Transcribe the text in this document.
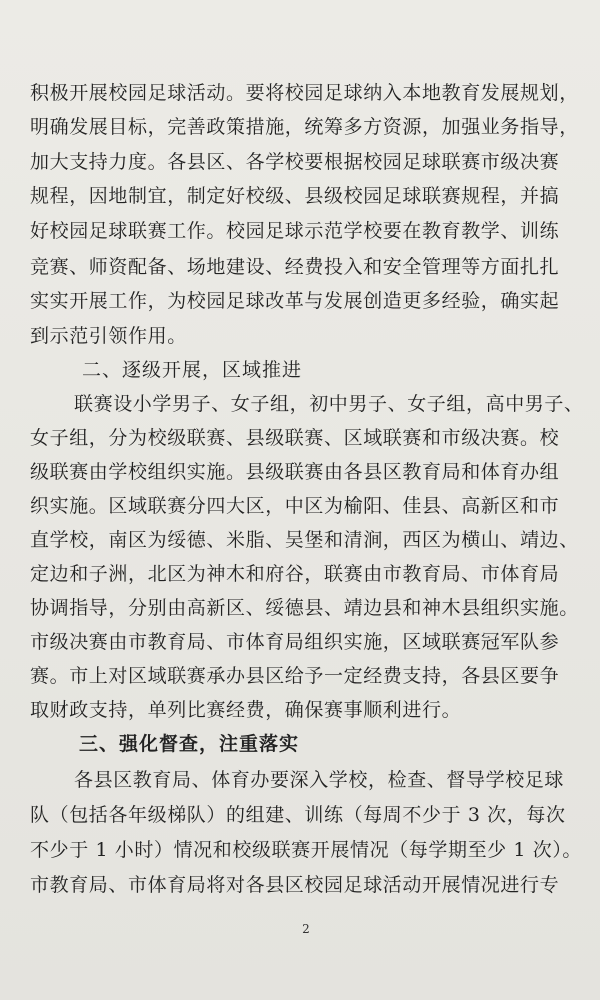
积极开展校园足球活动。要将校园足球纳入本地教育发展规划，
明确发展目标，完善政策措施，统筹多方资源，加强业务指导，
加大支持力度。各县区、各学校要根据校园足球联赛市级决赛
规程，因地制宜，制定好校级、县级校园足球联赛规程，并搞
好校园足球联赛工作。校园足球示范学校要在教育教学、训练
竞赛、师资配备、场地建设、经费投入和安全管理等方面扎扎
实实开展工作，为校园足球改革与发展创造更多经验，确实起
到示范引领作用。
二、逐级开展，区域推进
联赛设小学男子、女子组，初中男子、女子组，高中男子、
女子组，分为校级联赛、县级联赛、区域联赛和市级决赛。校
级联赛由学校组织实施。县级联赛由各县区教育局和体育办组
织实施。区域联赛分四大区，中区为榆阳、佳县、高新区和市
直学校，南区为绥德、米脂、吴堡和清涧，西区为横山、靖边、
定边和子洲，北区为神木和府谷，联赛由市教育局、市体育局
协调指导，分别由高新区、绥德县、靖边县和神木县组织实施。
市级决赛由市教育局、市体育局组织实施，区域联赛冠军队参
赛。市上对区域联赛承办县区给予一定经费支持，各县区要争
取财政支持，单列比赛经费，确保赛事顺利进行。
三、强化督查，注重落实
各县区教育局、体育办要深入学校，检查、督导学校足球
队（包括各年级梯队）的组建、训练（每周不少于 3 次，每次
不少于 1 小时）情况和校级联赛开展情况（每学期至少 1 次）。
市教育局、市体育局将对各县区校园足球活动开展情况进行专
2
